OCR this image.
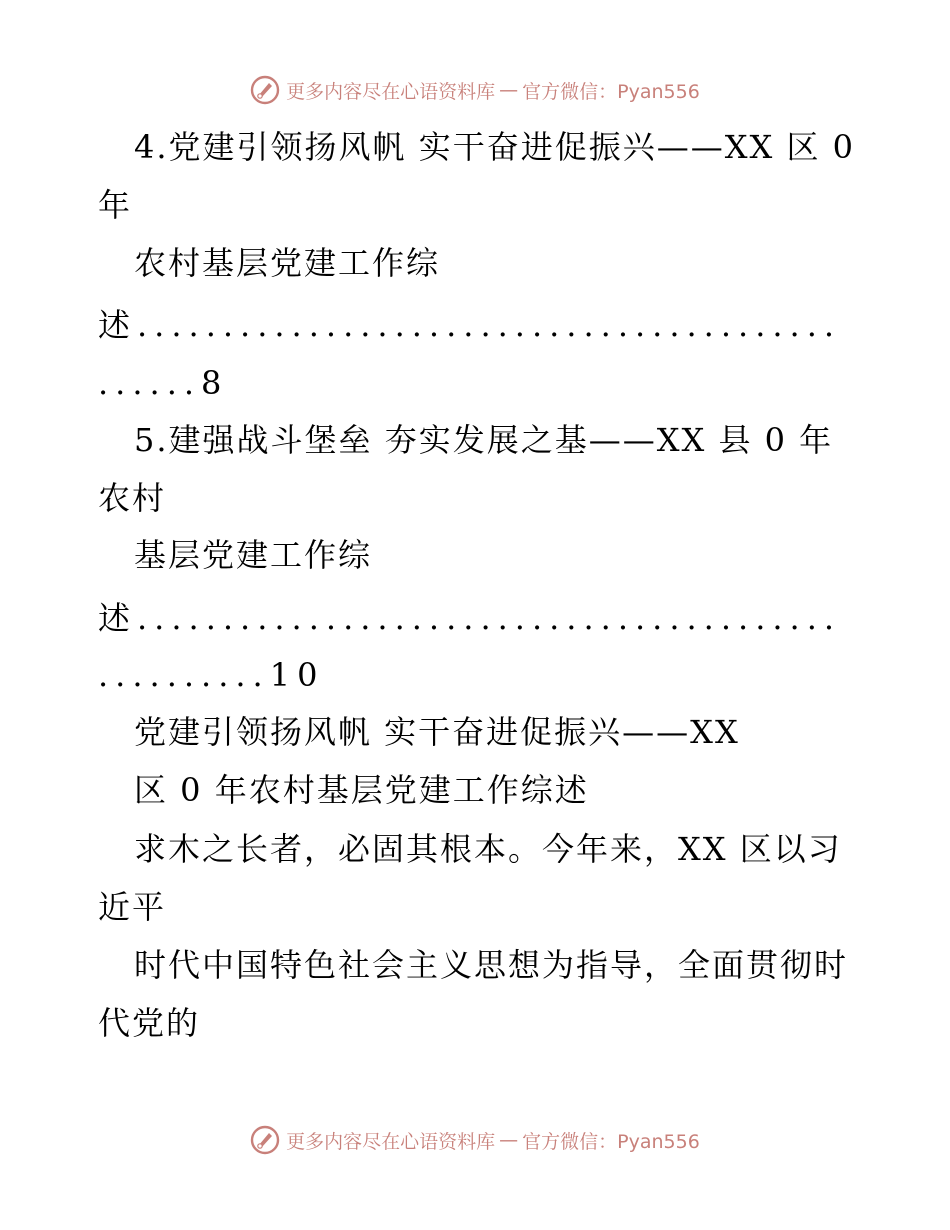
更多内容尽在心语资料库 — 官方微信：Pyan556
4.党建引领扬风帆 实干奋进促振兴——XX 区 0
年
农村基层党建工作综
述.........................................
......8
5.建强战斗堡垒 夯实发展之基——XX 县 0 年
农村
基层党建工作综
述.........................................
..........10
党建引领扬风帆 实干奋进促振兴——XX
区 0 年农村基层党建工作综述
求木之长者，必固其根本。今年来，XX 区以习
近平
时代中国特色社会主义思想为指导，全面贯彻时
代党的
更多内容尽在心语资料库 — 官方微信：Pyan556
